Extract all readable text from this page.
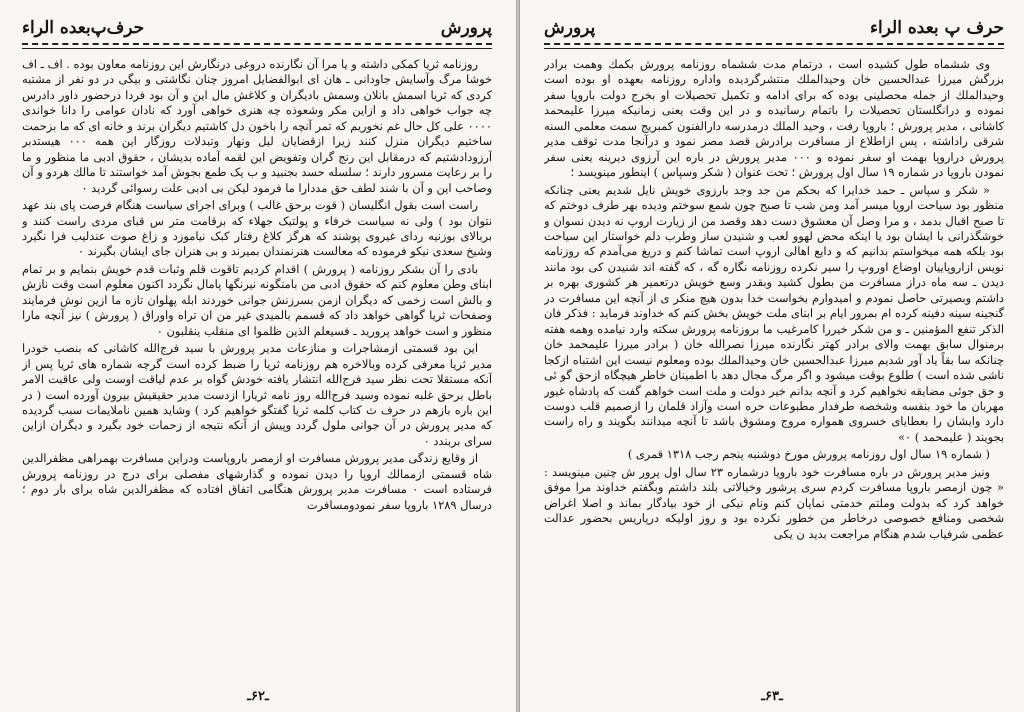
پرورش
حرف‌پ‌بعده الراء

روزنامه ثریا کمکی داشته و یا مرا آن نگارنده دروغی درنگارش این روزنامه معاون بوده . اف ـ اف خوشا مرگ وآسایش جاودانی ـ هان ای ابوالفضایل امروز چنان نگاشتی و بیگی در دو نفر از مشتبه کردی که ثریا اسمش بانلان وسمش بادیگران و کلاغش مال این و آن بود فردا درحضور داور دادرس چه جواب خواهی داد و ازاین مکر وشعوذه چه هنری خواهی آورد که نادان عوامی را دانا خواندی ۰۰۰۰ علی کل حال غم نخوریم که تمر آنچه را باخون دل کاشتیم دیگران برند و خانه ای که ما بزحمت ساختیم دیگران منزل کنند زیرا ازقضایان لیل ونهار وتبدلات روزگار این همه ۰۰۰ هیستدبر آرزودادشتیم که درمقابل این رنج گران وتفویض این لقمه آماده بدیشان ، حقوق ادبی ما منظور و ما را بر رعایت مسرور دارند ؛ سلسله حسد بجنبید و ب یک طمع بجوش آمد خواستند تا مالك هردو و آن وصاحب این و آن با شند لطف حق مددارا ما فرمود لیکن بی ادبی علت رسوائی گردید ۰

راست است بقول انگلیسان ( قوت برحق غالب ) وبرای اجرای سیاست هنگام فرصت پای بند عهد نتوان بود ) ولی نه سیاست خرفاء و پولتیک جهلاء که برقامت متر س قبای مردی راست کنند و بربالای بوزنیه ردای غیروی پوشند که هرگز کلاغ رفتار کبک نیاموزد و زاغ صوت عندلیب فرا نگیرد وشیخ سعدی نیکو فرموده که معالست هنرنمندان بمیرند و بی هنران جای ایشان بگیرند ۰

بادی را آن بشکر روزنامه ( پرورش ) اقدام کردیم تاقوت قلم وثبات قدم خویش بنمایم و بر تمام ابنای وطن معلوم کنم که حقوق ادبی من بامنگونه نیرنگها پامال نگردد اکنون معلوم است وقت نازش و بالش است زخمی که دیگران ازمن بسرزنش جوانی خوردند ابله پهلوان تازه ما ازین نوش فرمایند وصفحات ثریا گواهی خواهد داد که قسمم بالمیدی غیر من ان تراه واوراق ( پرورش ) نیز آنچه مارا منظور و است خواهد پرورید ـ فسیعلم الذین ظلموا ای منقلب ینقلبون ۰

این بود قسمتی ازمشاجرات و منازعات مدیر پرورش با سید فرج‌الله کاشانی که بنصب خودرا مدیر ثریا معرفی کرده وبالاخره هم روزنامه ثریا را ضبط کرده است گرچه شماره های ثریا پس از آنکه مستقلا تحت نظر سید فرج‌الله انتشار یافته خودش گواه بر عدم لیاقت اوست ولی عاقبت الامر باطل برحق غلبه نموده وسید فرج‌الله روز نامه ثریارا ازدست مدیر حقیقیش بیرون آورده است ( در این باره بازهم در حرف ث کتاب کلمه ثریا گفتگو خواهیم کرد ) وشاید همین ناملایمات سبب گردیده که مدیر پرورش در آن جوانی ملول گردد وپیش از آنکه نتیجه از زحمات خود بگیرد و دیگران ازاین سرای بربندد ۰

از وقایع زندگی مدیر پرورش مسافرت او ازمصر باروپاست ودراین مسافرت بهمراهی مظفرالدین شاه قسمتی ازممالك اروپا را دیدن نموده و گذارشهای مفصلی برای درج در روزنامه پرورش فرستاده است ۰ مسافرت مدیر پرورش هنگامی اتفاق افتاده که مظفرالدین شاه برای بار دوم ؛ درسال ۱۲۸۹ باروپا سفر نمودومسافرت

ـ۶۲ـ
حرف پ بعده الراء
پرورش

وی ششماه طول کشیده است ، درتمام مدت ششماه روزنامه پرورش بکمك وهمت برادر بزرگش میرزا عبدالحسین خان وحیدالملك منتشرگردیده واداره روزنامه بعهده او بوده است وحیدالملك از جمله محصلینی بوده که برای ادامه و تکمیل تحصیلات او بخرج دولت باروپا سفر نموده و درانگلستان تحصیلات را باتمام رسانیده و در این وقت یعنی زمانیکه میرزا علیمحمد کاشانی ، مدیر پرورش ؛ باروپا رفت ، وحید الملك درمدرسه دارالفنون کمبریج سمت معلمی السنه شرقی راداشته ، پس ازاطلاع از مسافرت برادرش قصد مصر نمود و درآنجا مدت توقف مدیر پرورش دراروپا بهمت او سفر نموده و ۰۰۰ مدیر پرورش در باره این آرزوی دیرینه یعنی سفر نمودن باروپا در شماره ۱۹ سال اول پرورش ؛ تحت عنوان ( شکر وسپاس ) اینطور مینویسد ؛

« شکر و سپاس ـ حمد خدایرا که بحکم من جد وجد بارزوی خویش نایل شدیم یعنی چنانکه منظور بود سیاحت اروپا میسر آمد ومن شب تا صبح چون شمع سوختم ودیده بهر طرف دوختم که تا صبح اقبال بدمد ، و مرا وصل آن معشوق دست دهد وقصد من از زیارت اروپ نه دیدن نسوان و خوشگذرانی با ایشان بود یا اینکه محض لهوو لعب و شنیدن ساز وطرب دلم خواستار این سیاحت بود بلکه همه میخواستم بدانیم که و دایع اهالی اروپ است تماشا کنم و دریغ می‌آمدم که روزنامه نویس ازاروپاییان اوضاع اوروپ را سیر نکرده روزنامه نگاره گه ، که گفته اند شنیدن کی بود مانند دیدن ـ سه ماه دراز مسافرت من بطول کشید وبقدر وسع خویش درتعمیر هر کشوری بهره بر داشتم وبصیرتی حاصل نمودم و امیدوارم بخواست خدا بدون هیچ منکر ی از آنچه این مسافرت در گنجینه سینه دفینه کرده ام بمرور ایام بر ابنای ملت خویش بخش کنم که خداوند فرماید : فذکر فان الذکر تنفع المؤمنین ـ و من شکر خیررا کامرغیب ما بروزنامه پرورش سکته وارد نیامده وهمه هفته برمنوال سابق بهمت والای برادر کهتر نگارنده میرزا نصرالله خان ( برادر میرزا علیمحمد خان چنانکه سا بقاً یاد آور شدیم میرزا عبدالحسین خان وحیدالملك بوده ومعلوم نیست این اشتباه ازکجا ناشی شده است ) طلوع بوقت میشود و اگر مرگ مجال دهد با اطمینان خاطر هیچگاه ازحق گو ئی و حق جوئی مضایقه نخواهیم کرد و آنچه بدانم خیر دولت و ملت است خواهم گفت که پادشاه غیور مهربان ما خود بنفسه وشخصه طرفدار مطبوعات حره است وآزاد قلمان را ازصمیم قلب دوست دارد وایشان را بعطایای خسروی همواره مروج ومشوق باشد تا آنچه میدانند بگویند و راه راست بجویند ( علیمحمد ) ۰»

( شماره ۱۹ سال اول روزنامه پرورش مورخ دوشنبه پنجم رجب ۱۳۱۸ قمری )

ونیز مدیر پرورش در باره مسافرت خود بارویا درشماره ۲۳ سال اول پرور ش چنین مینویسد : « چون ازمصر باروپا مسافرت کردم سری پرشور وخیالاتی بلند داشتم وبگفتم خداوند مرا موفق خواهد کرد که بدولت وملتم خدمتی نمایان کنم ونام نیکی از خود بیادگار بماند و اصلا اغراض شخصی ومنافع خصوصی درخاطر من خطور نکرده بود و روز اولیکه درپاریس بحضور عدالت عظمی شرفیاب شدم هنگام مراجعت بدید ن یکی

ـ۶۳ـ
